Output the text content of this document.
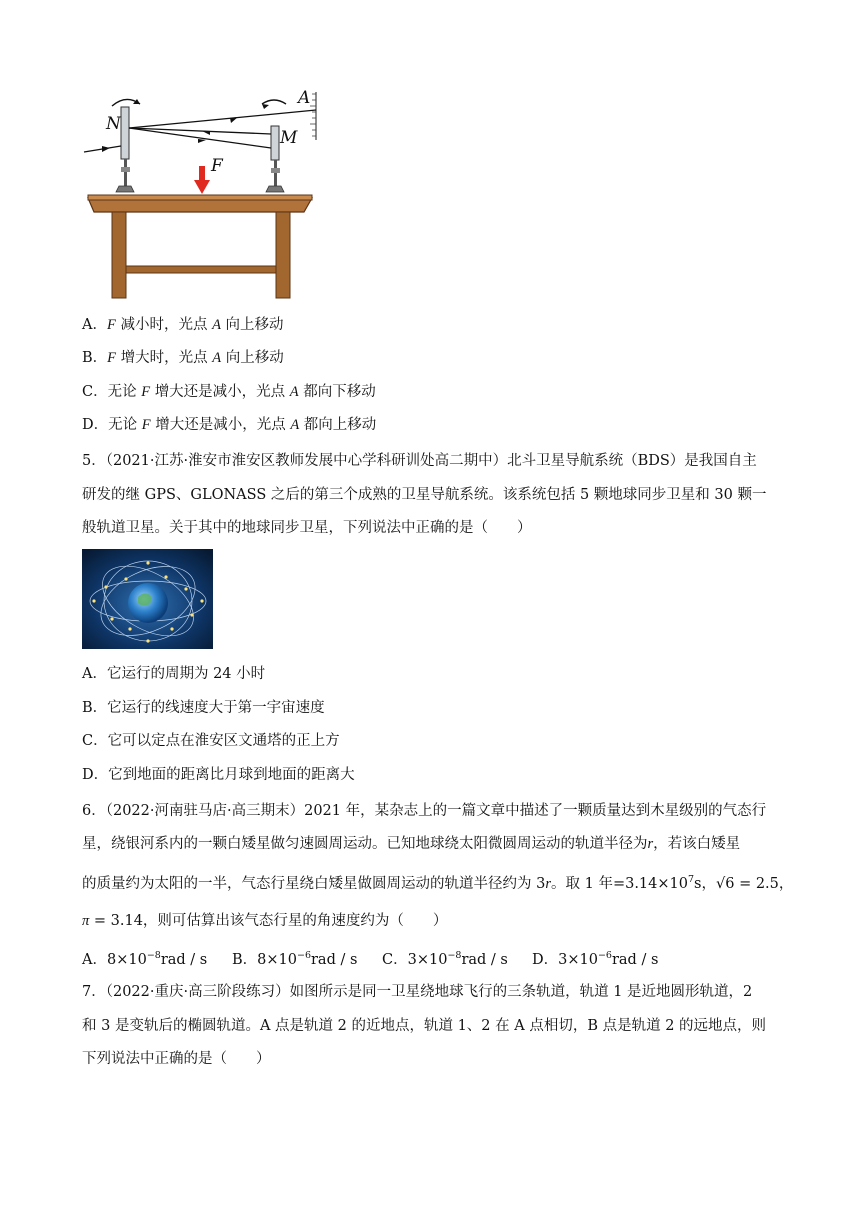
N
M
A
F
A．F 减小时，光点 A 向上移动
B．F 增大时，光点 A 向上移动
C．无论 F 增大还是减小，光点 A 都向下移动
D．无论 F 增大还是减小，光点 A 都向上移动
5．（2021·江苏·淮安市淮安区教师发展中心学科研训处高二期中）北斗卫星导航系统（BDS）是我国自主
研发的继 GPS、GLONASS 之后的第三个成熟的卫星导航系统。该系统包括 5 颗地球同步卫星和 30 颗一
般轨道卫星。关于其中的地球同步卫星，下列说法中正确的是（　　）
A．它运行的周期为 24 小时
B．它运行的线速度大于第一宇宙速度
C．它可以定点在淮安区文通塔的正上方
D．它到地面的距离比月球到地面的距离大
6．（2022·河南驻马店·高三期末）2021 年，某杂志上的一篇文章中描述了一颗质量达到木星级别的气态行
星，绕银河系内的一颗白矮星做匀速圆周运动。已知地球绕太阳微圆周运动的轨道半径为r，若该白矮星
的质量约为太阳的一半，气态行星绕白矮星做圆周运动的轨道半径约为 3r。取 1 年$=3.14\times 10^7s$，√6 = 2.5，
π = 3.14，则可估算出该气态行星的角速度约为（　　）
A．$8\times 10^{-8}rad / s$ B．$8\times 10^{-6}rad / s$ C．$3\times 10^{-8}rad / s$ D．$3\times 10^{-6}rad / s$
7．（2022·重庆·高三阶段练习）如图所示是同一卫星绕地球飞行的三条轨道，轨道 1 是近地圆形轨道，2
和 3 是变轨后的椭圆轨道。A 点是轨道 2 的近地点，轨道 1、2 在 A 点相切，B 点是轨道 2 的远地点，则
下列说法中正确的是（　　）
